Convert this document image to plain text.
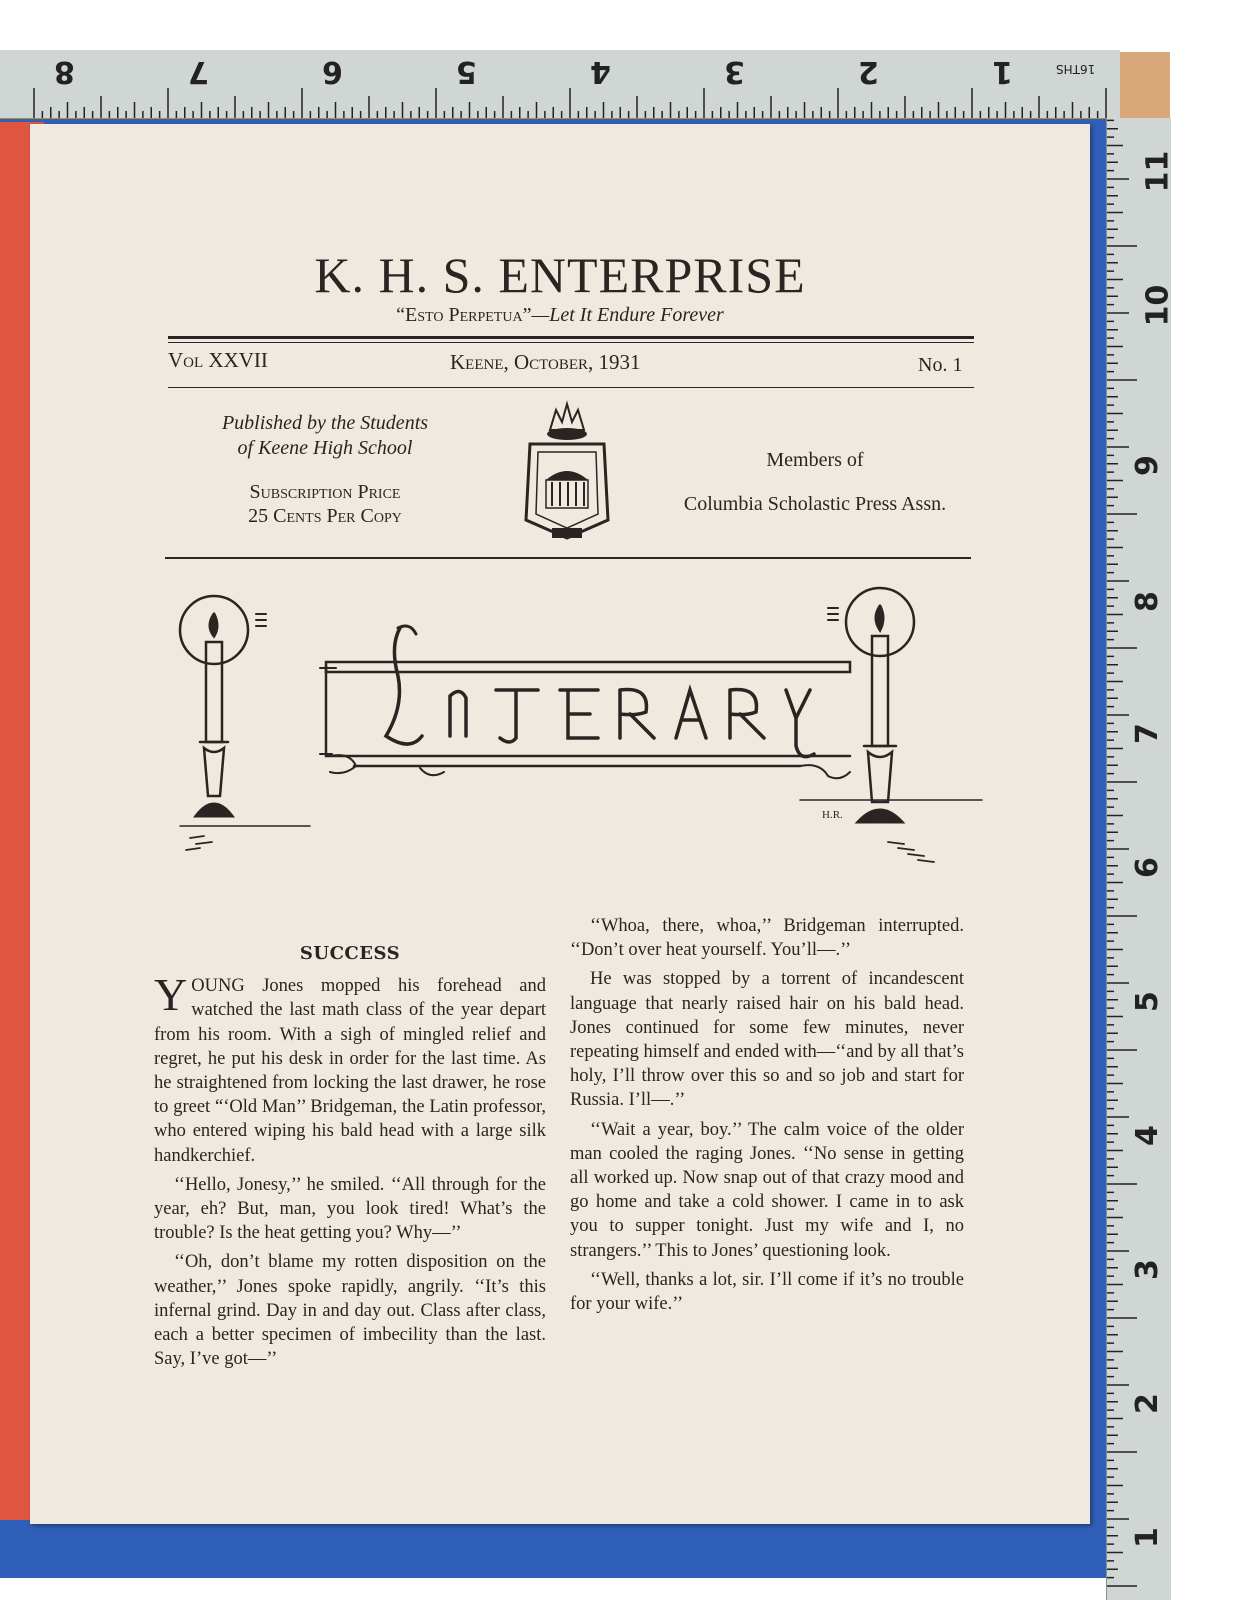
8	7	6	5	4	3	2	1	16THS
11
10
9
8
7
6
5
4
3
2
1
K. H. S. ENTERPRISE
“Esto Perpetua”—Let It Endure Forever
Vol XXVII	Keene, October, 1931	No. 1
Published by the Students
of Keene High School
Subscription Price
25 Cents Per Copy
Members of
Columbia Scholastic Press Assn.
H.R.
SUCCESS

YOUNG Jones mopped his forehead and watched the last math class of the year depart from his room. With a sigh of mingled relief and regret, he put his desk in order for the last time. As he straightened from locking the last drawer, he rose to greet “‘Old Man’’ Bridgeman, the Latin professor, who entered wiping his bald head with a large silk handkerchief.

‘‘Hello, Jonesy,’’ he smiled. ‘‘All through for the year, eh? But, man, you look tired! What’s the trouble? Is the heat getting you? Why—’’

‘‘Oh, don’t blame my rotten disposition on the weather,’’ Jones spoke rapidly, angrily. ‘‘It’s this infernal grind. Day in and day out. Class after class, each a better specimen of imbecility than the last. Say, I’ve got—’’

‘‘Whoa, there, whoa,’’ Bridgeman interrupted. ‘‘Don’t over heat yourself. You’ll—.’’

He was stopped by a torrent of incandescent language that nearly raised hair on his bald head. Jones continued for some few minutes, never repeating himself and ended with—‘‘and by all that’s holy, I’ll throw over this so and so job and start for Russia. I’ll—.’’

‘‘Wait a year, boy.’’ The calm voice of the older man cooled the raging Jones. ‘‘No sense in getting all worked up. Now snap out of that crazy mood and go home and take a cold shower. I came in to ask you to supper tonight. Just my wife and I, no strangers.’’ This to Jones’ questioning look.

‘‘Well, thanks a lot, sir. I’ll come if it’s no trouble for your wife.’’
